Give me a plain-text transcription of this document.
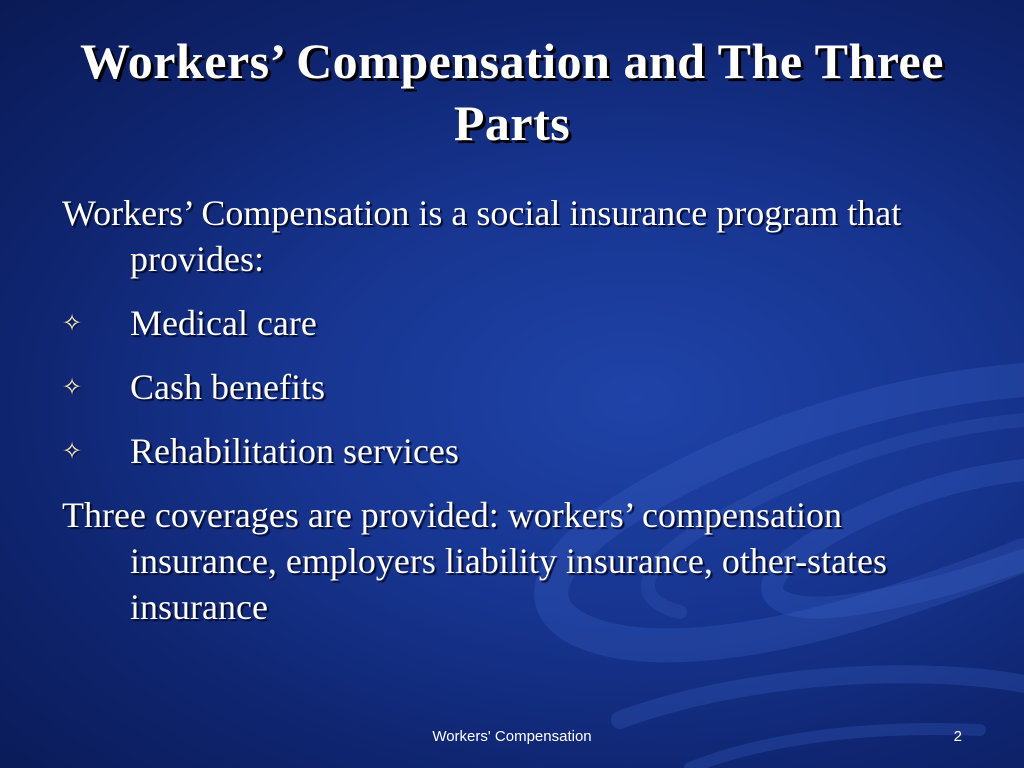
Workers’ Compensation and The Three Parts

Workers’ Compensation is a social insurance program that provides:

✧	Medical care
✧	Cash benefits
✧	Rehabilitation services

Three coverages are provided: workers’ compensation insurance, employers liability insurance, other-states insurance

Workers' Compensation	2
